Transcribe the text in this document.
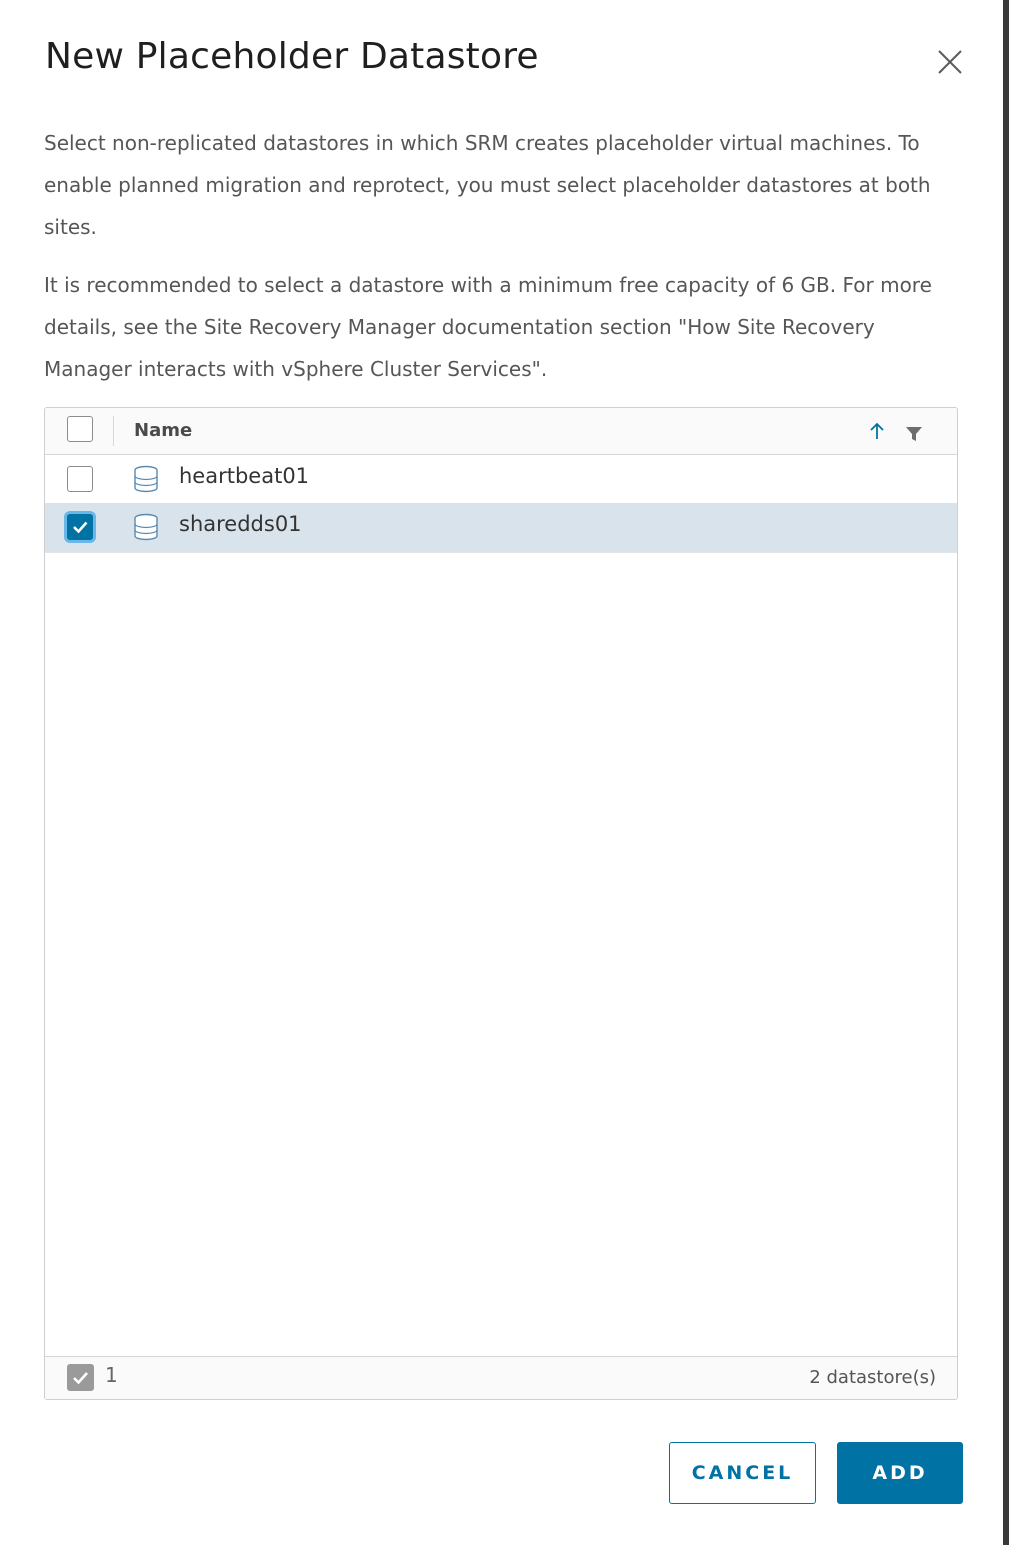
New Placeholder Datastore

Select non-replicated datastores in which SRM creates placeholder virtual machines. To enable planned migration and reprotect, you must select placeholder datastores at both sites.

It is recommended to select a datastore with a minimum free capacity of 6 GB. For more details, see the Site Recovery Manager documentation section "How Site Recovery Manager interacts with vSphere Cluster Services".

Name
heartbeat01
sharedds01
1	2 datastore(s)
CANCEL	ADD
